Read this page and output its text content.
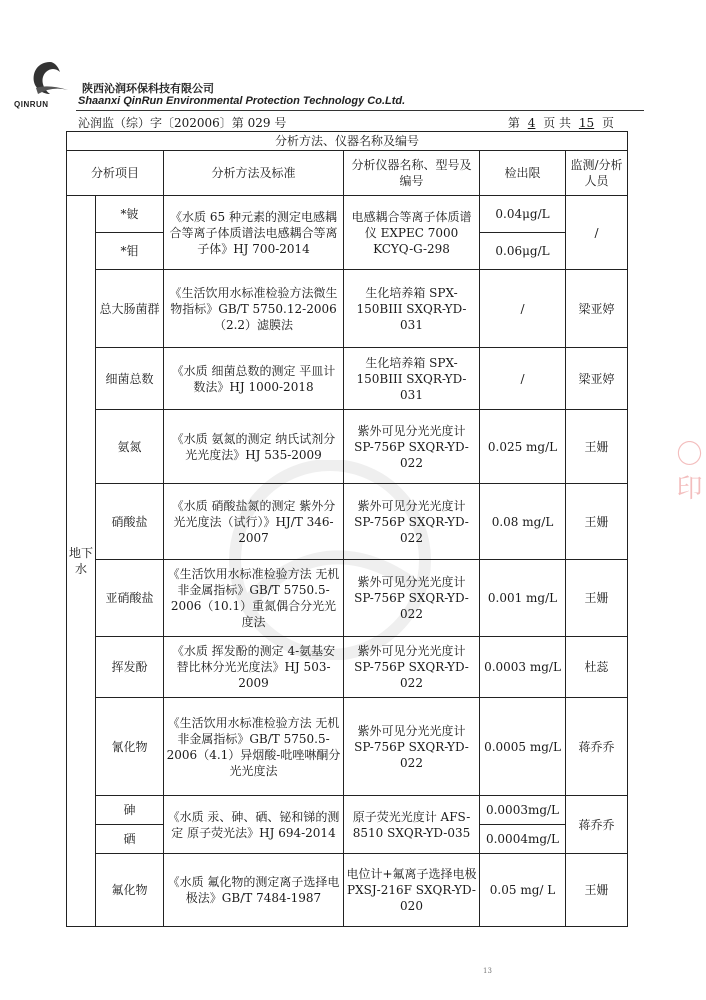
QINRUN
陕西沁润环保科技有限公司
Shaanxi QinRun Environmental Protection Technology Co.Ltd.
沁润监（综）字〔202006〕第 029 号	第 4 页 共 15 页
分析方法、仪器名称及编号					
分析项目		分析方法及标准	分析仪器名称、型号及编号	检出限	监测/分析人员
地下水	*铍	《水质 65 种元素的测定电感耦合等离子体质谱法电感耦合等离子体》HJ 700-2014	电感耦合等离子体质谱仪 EXPEC 7000 KCYQ-G-298	0.04μg/L	/
	*钼			0.06μg/L	
	总大肠菌群	《生活饮用水标准检验方法微生物指标》GB/T 5750.12-2006（2.2）滤膜法	生化培养箱 SPX-150BIII SXQR-YD-031	/	梁亚婷
	细菌总数	《水质 细菌总数的测定 平皿计数法》HJ 1000-2018	生化培养箱 SPX-150BIII SXQR-YD-031	/	梁亚婷
	氨氮	《水质 氨氮的测定 纳氏试剂分光光度法》HJ 535-2009	紫外可见分光光度计 SP-756P SXQR-YD-022	0.025 mg/L	王姗
	硝酸盐	《水质 硝酸盐氮的测定 紫外分光光度法（试行）》HJ/T 346-2007	紫外可见分光光度计 SP-756P SXQR-YD-022	0.08 mg/L	王姗
	亚硝酸盐	《生活饮用水标准检验方法 无机非金属指标》GB/T 5750.5-2006（10.1）重氮偶合分光光度法	紫外可见分光光度计 SP-756P SXQR-YD-022	0.001 mg/L	王姗
	挥发酚	《水质 挥发酚的测定 4-氨基安替比林分光光度法》HJ 503-2009	紫外可见分光光度计 SP-756P SXQR-YD-022	0.0003 mg/L	杜蕊
	氰化物	《生活饮用水标准检验方法 无机非金属指标》GB/T 5750.5-2006（4.1）异烟酸-吡唑啉酮分光光度法	紫外可见分光光度计 SP-756P SXQR-YD-022	0.0005 mg/L	蒋乔乔
	砷	《水质 汞、砷、硒、铋和锑的测定 原子荧光法》HJ 694-2014	原子荧光光度计 AFS-8510 SXQR-YD-035	0.0003mg/L	蒋乔乔
	硒			0.0004mg/L	
	氟化物	《水质 氟化物的测定离子选择电极法》GB/T 7484-1987	电位计+氟离子选择电极 PXSJ-216F SXQR-YD-020	0.05 mg/ L	王姗
〇 印
13
